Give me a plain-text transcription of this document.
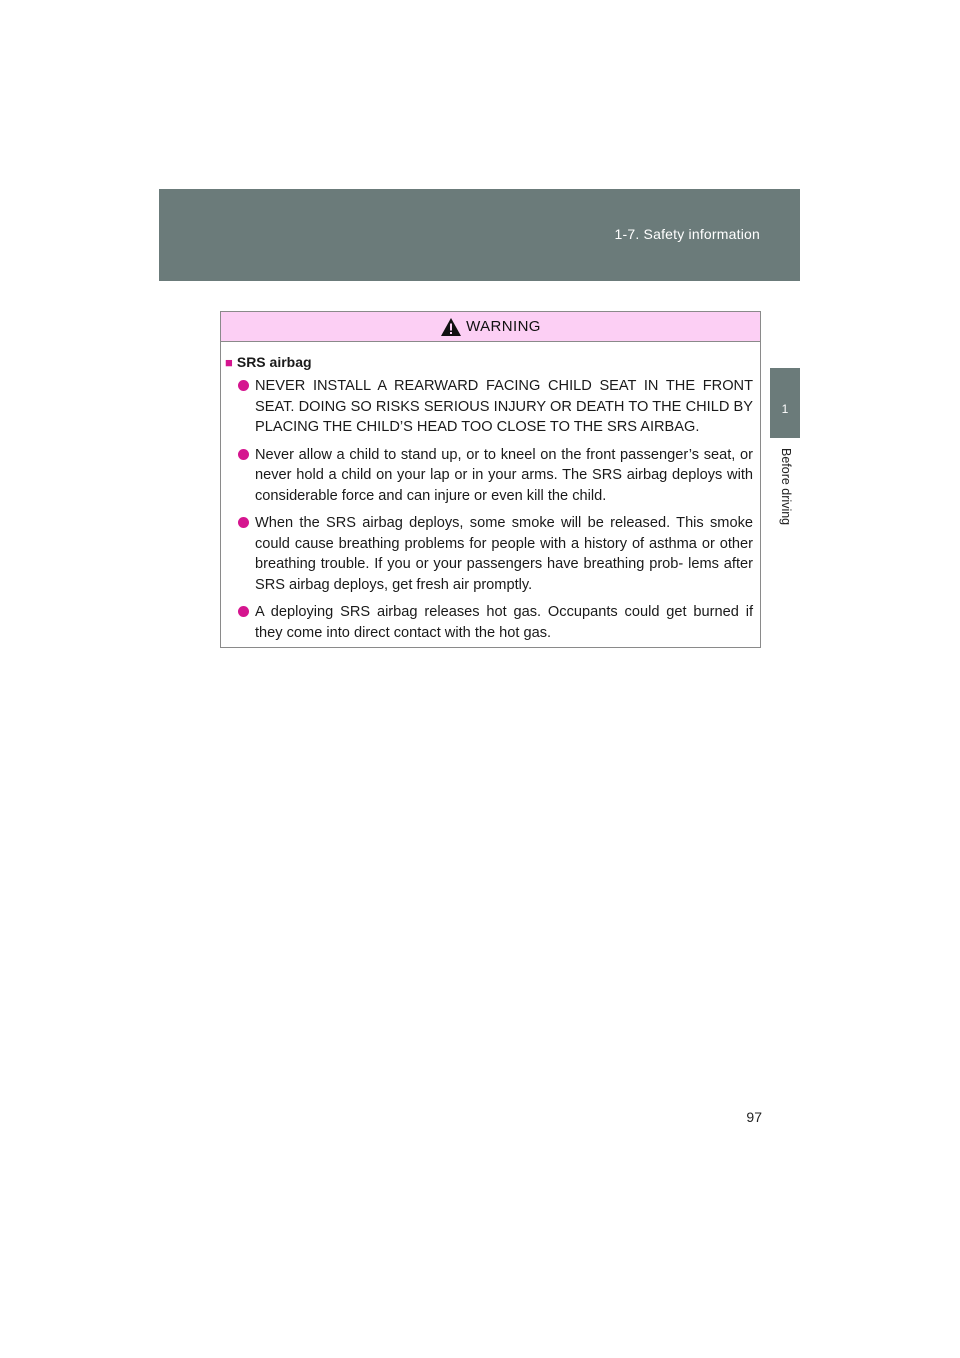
1-7. Safety information
1
Before driving
WARNING
■ SRS airbag

NEVER INSTALL A REARWARD FACING CHILD SEAT IN THE FRONT SEAT. DOING SO RISKS SERIOUS INJURY OR DEATH TO THE CHILD BY PLACING THE CHILD’S HEAD TOO CLOSE TO THE SRS AIRBAG.

Never allow a child to stand up, or to kneel on the front passenger’s seat, or never hold a child on your lap or in your arms. The SRS airbag deploys with considerable force and can injure or even kill the child.

When the SRS airbag deploys, some smoke will be released. This smoke could cause breathing problems for people with a history of asthma or other breathing trouble. If you or your passengers have breathing prob- lems after SRS airbag deploys, get fresh air promptly.

A deploying SRS airbag releases hot gas. Occupants could get burned if they come into direct contact with the hot gas.

97
